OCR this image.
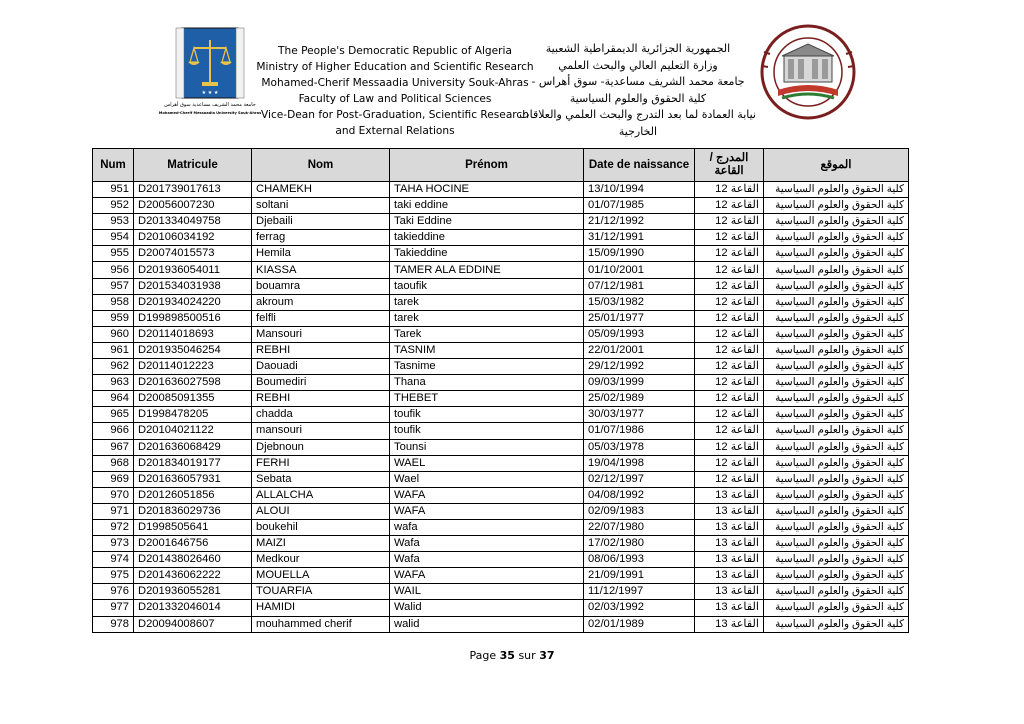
★ ★ ★
جامعة محمد الشريف مساعدية سوق أهراس
Mohamed-Cherif Messaadia University Souk-Ahras
The People's Democratic Republic of Algeria
Ministry of Higher Education and Scientific Research
Mohamed-Cherif Messaadia University Souk-Ahras
Faculty of Law and Political Sciences
Vice-Dean for Post-Graduation, Scientific Research
and External Relations
الجمهورية الجزائرية الديمقراطية الشعبية
وزارة التعليم العالي والبحث العلمي
جامعة محمد الشريف مساعدية- سوق أهراس -
كلية الحقوق والعلوم السياسية
نيابة العمادة لما بعد التدرج والبحث العلمي والعلاقات
الخارجية
Num	Matricule	Nom	Prénom	Date de naissance	المدرج / القاعة	الموقع
951	D201739017613	CHAMEKH	TAHA HOCINE	13/10/1994	القاعة 12	كلية الحقوق والعلوم السياسية
952	D20056007230	soltani	taki eddine	01/07/1985	القاعة 12	كلية الحقوق والعلوم السياسية
953	D201334049758	Djebaili	Taki Eddine	21/12/1992	القاعة 12	كلية الحقوق والعلوم السياسية
954	D20106034192	ferrag	takieddine	31/12/1991	القاعة 12	كلية الحقوق والعلوم السياسية
955	D20074015573	Hemila	Takieddine	15/09/1990	القاعة 12	كلية الحقوق والعلوم السياسية
956	D201936054011	KIASSA	TAMER ALA EDDINE	01/10/2001	القاعة 12	كلية الحقوق والعلوم السياسية
957	D201534031938	bouamra	taoufik	07/12/1981	القاعة 12	كلية الحقوق والعلوم السياسية
958	D201934024220	akroum	tarek	15/03/1982	القاعة 12	كلية الحقوق والعلوم السياسية
959	D199898500516	felfli	tarek	25/01/1977	القاعة 12	كلية الحقوق والعلوم السياسية
960	D20114018693	Mansouri	Tarek	05/09/1993	القاعة 12	كلية الحقوق والعلوم السياسية
961	D201935046254	REBHI	TASNIM	22/01/2001	القاعة 12	كلية الحقوق والعلوم السياسية
962	D20114012223	Daouadi	Tasnime	29/12/1992	القاعة 12	كلية الحقوق والعلوم السياسية
963	D201636027598	Boumediri	Thana	09/03/1999	القاعة 12	كلية الحقوق والعلوم السياسية
964	D20085091355	REBHI	THEBET	25/02/1989	القاعة 12	كلية الحقوق والعلوم السياسية
965	D1998478205	chadda	toufik	30/03/1977	القاعة 12	كلية الحقوق والعلوم السياسية
966	D20104021122	mansouri	toufik	01/07/1986	القاعة 12	كلية الحقوق والعلوم السياسية
967	D201636068429	Djebnoun	Tounsi	05/03/1978	القاعة 12	كلية الحقوق والعلوم السياسية
968	D201834019177	FERHI	WAEL	19/04/1998	القاعة 12	كلية الحقوق والعلوم السياسية
969	D201636057931	Sebata	Wael	02/12/1997	القاعة 12	كلية الحقوق والعلوم السياسية
970	D20126051856	ALLALCHA	WAFA	04/08/1992	القاعة 13	كلية الحقوق والعلوم السياسية
971	D201836029736	ALOUI	WAFA	02/09/1983	القاعة 13	كلية الحقوق والعلوم السياسية
972	D1998505641	boukehil	wafa	22/07/1980	القاعة 13	كلية الحقوق والعلوم السياسية
973	D2001646756	MAIZI	Wafa	17/02/1980	القاعة 13	كلية الحقوق والعلوم السياسية
974	D201438026460	Medkour	Wafa	08/06/1993	القاعة 13	كلية الحقوق والعلوم السياسية
975	D201436062222	MOUELLA	WAFA	21/09/1991	القاعة 13	كلية الحقوق والعلوم السياسية
976	D201936055281	TOUARFIA	WAIL	11/12/1997	القاعة 13	كلية الحقوق والعلوم السياسية
977	D201332046014	HAMIDI	Walid	02/03/1992	القاعة 13	كلية الحقوق والعلوم السياسية
978	D20094008607	mouhammed cherif	walid	02/01/1989	القاعة 13	كلية الحقوق والعلوم السياسية
Page 35 sur 37
